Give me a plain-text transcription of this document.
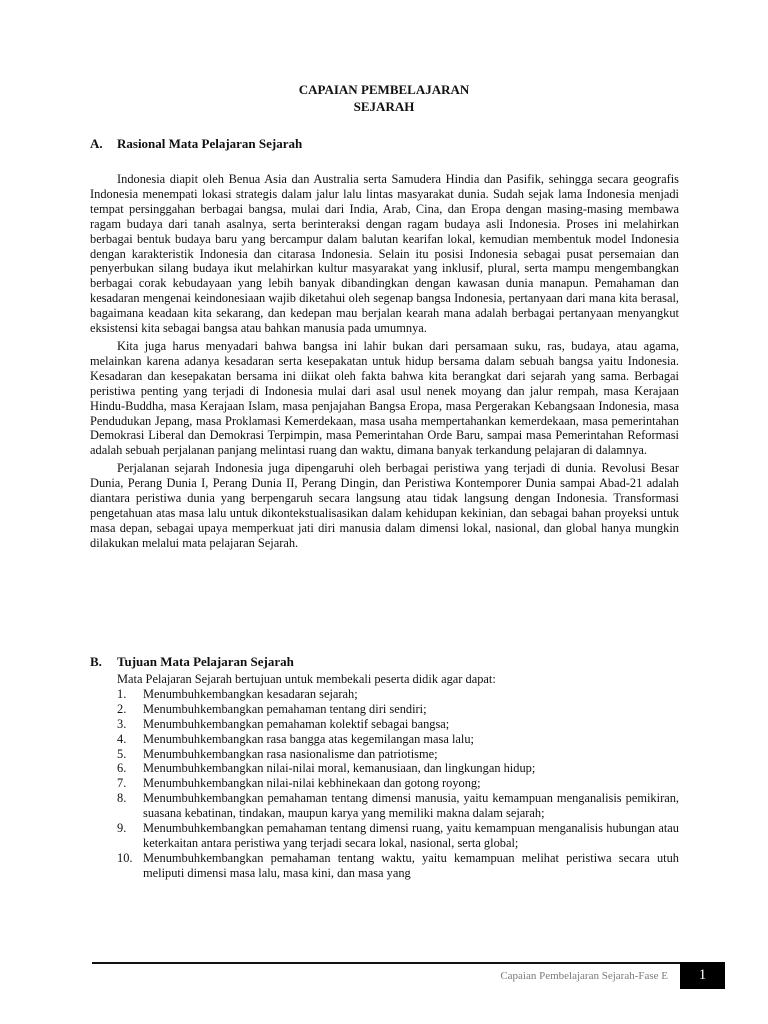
CAPAIAN PEMBELAJARAN
SEJARAH
A. Rasional Mata Pelajaran Sejarah

Indonesia diapit oleh Benua Asia dan Australia serta Samudera Hindia dan Pasifik, sehingga secara geografis Indonesia menempati lokasi strategis dalam jalur lalu lintas masyarakat dunia. Sudah sejak lama Indonesia menjadi tempat persinggahan berbagai bangsa, mulai dari India, Arab, Cina, dan Eropa dengan masing-masing membawa ragam budaya dari tanah asalnya, serta berinteraksi dengan ragam budaya asli Indonesia. Proses ini melahirkan berbagai bentuk budaya baru yang bercampur dalam balutan kearifan lokal, kemudian membentuk model Indonesia dengan karakteristik Indonesia dan citarasa Indonesia. Selain itu posisi Indonesia sebagai pusat persemaian dan penyerbukan silang budaya ikut melahirkan kultur masyarakat yang inklusif, plural, serta mampu mengembangkan berbagai corak kebudayaan yang lebih banyak dibandingkan dengan kawasan dunia manapun. Pemahaman dan kesadaran mengenai keindonesiaan wajib diketahui oleh segenap bangsa Indonesia, pertanyaan dari mana kita berasal, bagaimana keadaan kita sekarang, dan kedepan mau berjalan kearah mana adalah berbagai pertanyaan menyangkut eksistensi kita sebagai bangsa atau bahkan manusia pada umumnya.

Kita juga harus menyadari bahwa bangsa ini lahir bukan dari persamaan suku, ras, budaya, atau agama, melainkan karena adanya kesadaran serta kesepakatan untuk hidup bersama dalam sebuah bangsa yaitu Indonesia. Kesadaran dan kesepakatan bersama ini diikat oleh fakta bahwa kita berangkat dari sejarah yang sama. Berbagai peristiwa penting yang terjadi di Indonesia mulai dari asal usul nenek moyang dan jalur rempah, masa Kerajaan Hindu-Buddha, masa Kerajaan Islam, masa penjajahan Bangsa Eropa, masa Pergerakan Kebangsaan Indonesia, masa Pendudukan Jepang, masa Proklamasi Kemerdekaan, masa usaha mempertahankan kemerdekaan, masa pemerintahan Demokrasi Liberal dan Demokrasi Terpimpin, masa Pemerintahan Orde Baru, sampai masa Pemerintahan Reformasi adalah sebuah perjalanan panjang melintasi ruang dan waktu, dimana banyak terkandung pelajaran di dalamnya.

Perjalanan sejarah Indonesia juga dipengaruhi oleh berbagai peristiwa yang terjadi di dunia. Revolusi Besar Dunia, Perang Dunia I, Perang Dunia II, Perang Dingin, dan Peristiwa Kontemporer Dunia sampai Abad-21 adalah diantara peristiwa dunia yang berpengaruh secara langsung atau tidak langsung dengan Indonesia. Transformasi pengetahuan atas masa lalu untuk dikontekstualisasikan dalam kehidupan kekinian, dan sebagai bahan proyeksi untuk masa depan, sebagai upaya memperkuat jati diri manusia dalam dimensi lokal, nasional, dan global hanya mungkin dilakukan melalui mata pelajaran Sejarah.

B. Tujuan Mata Pelajaran Sejarah

Mata Pelajaran Sejarah bertujuan untuk membekali peserta didik agar dapat:

1.	Menumbuhkembangkan kesadaran sejarah;
2.	Menumbuhkembangkan pemahaman tentang diri sendiri;
3.	Menumbuhkembangkan pemahaman kolektif sebagai bangsa;
4.	Menumbuhkembangkan rasa bangga atas kegemilangan masa lalu;
5.	Menumbuhkembangkan rasa nasionalisme dan patriotisme;
6.	Menumbuhkembangkan nilai-nilai moral, kemanusiaan, dan lingkungan hidup;
7.	Menumbuhkembangkan nilai-nilai kebhinekaan dan gotong royong;
8.	Menumbuhkembangkan pemahaman tentang dimensi manusia, yaitu kemampuan menganalisis pemikiran, suasana kebatinan, tindakan, maupun karya yang memiliki makna dalam sejarah;
9.	Menumbuhkembangkan pemahaman tentang dimensi ruang, yaitu kemampuan menganalisis hubungan atau keterkaitan antara peristiwa yang terjadi secara lokal, nasional, serta global;
10. Menumbuhkembangkan pemahaman tentang waktu, yaitu kemampuan melihat peristiwa secara utuh meliputi dimensi masa lalu, masa kini, dan masa yang
Capaian Pembelajaran Sejarah-Fase E	1
